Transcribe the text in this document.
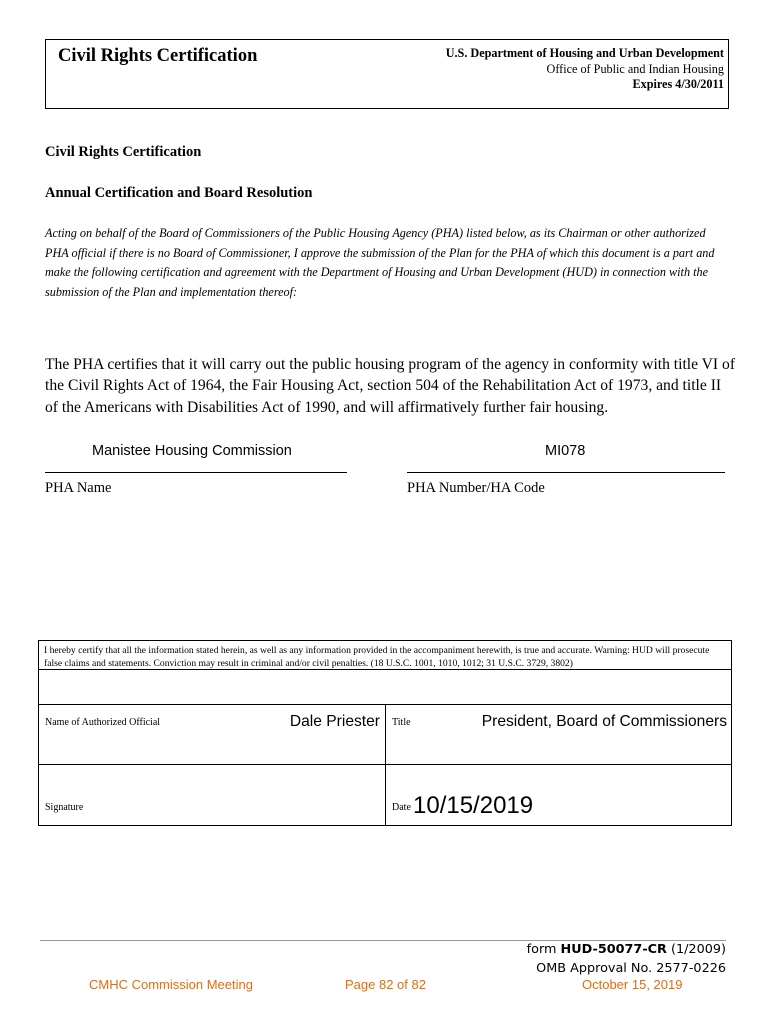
Civil Rights Certification	U.S. Department of Housing and Urban Development
Office of Public and Indian Housing
Expires 4/30/2011
Civil Rights Certification
Annual Certification and Board Resolution
Acting on behalf of the Board of Commissioners of the Public Housing Agency (PHA) listed below, as its Chairman or other authorized PHA official if there is no Board of Commissioner, I approve the submission of the Plan for the PHA of which this document is a part and make the following certification and agreement with the Department of Housing and Urban Development (HUD) in connection with the submission of the Plan and implementation thereof:
The PHA certifies that it will carry out the public housing program of the agency in conformity with title VI of the Civil Rights Act of 1964, the Fair Housing Act, section 504 of the Rehabilitation Act of 1973, and title II of the Americans with Disabilities Act of 1990, and will affirmatively further fair housing.
Manistee Housing Commission	MI078
PHA Name	PHA Number/HA Code
I hereby certify that all the information stated herein, as well as any information provided in the accompaniment herewith, is true and accurate. Warning: HUD will prosecute false claims and statements. Conviction may result in criminal and/or civil penalties. (18 U.S.C. 1001, 1010, 1012; 31 U.S.C. 3729, 3802)
Name of Authorized Official	Dale Priester Title	President, Board of Commissioners
Signature	Date 10/15/2019
form HUD-50077-CR (1/2009)
OMB Approval No. 2577-0226
CMHC Commission Meeting	Page 82 of 82	October 15, 2019
